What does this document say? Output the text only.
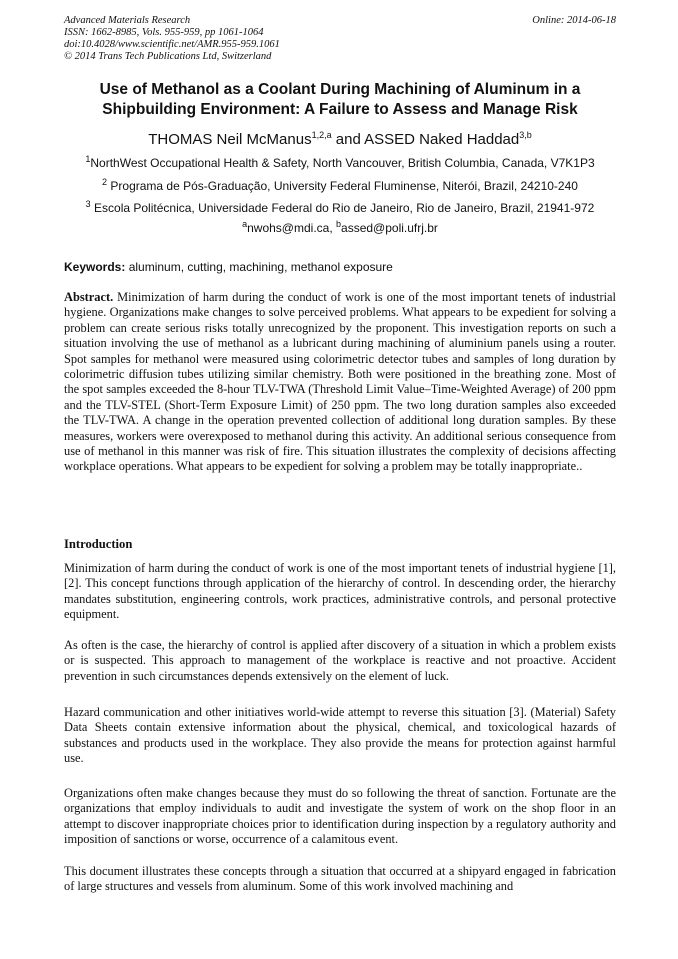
Advanced Materials Research
ISSN: 1662-8985, Vols. 955-959, pp 1061-1064
doi:10.4028/www.scientific.net/AMR.955-959.1061
© 2014 Trans Tech Publications Ltd, Switzerland
Online: 2014-06-18
Use of Methanol as a Coolant During Machining of Aluminum in a
Shipbuilding Environment: A Failure to Assess and Manage Risk
THOMAS Neil McManus$^{1,2,a}$ and ASSED Naked Haddad$^{3,b}$
$^1$NorthWest Occupational Health & Safety, North Vancouver, British Columbia, Canada, V7K1P3
$^2$ Programa de Pós-Graduação, University Federal Fluminense, Niterói, Brazil, 24210-240
$^3$ Escola Politécnica, Universidade Federal do Rio de Janeiro, Rio de Janeiro, Brazil, 21941-972
$^a$nwohs@mdi.ca, $^b$assed@poli.ufrj.br
Keywords: aluminum, cutting, machining, methanol exposure

Abstract. Minimization of harm during the conduct of work is one of the most important tenets of industrial hygiene. Organizations make changes to solve perceived problems. What appears to be expedient for solving a problem can create serious risks totally unrecognized by the proponent. This investigation reports on such a situation involving the use of methanol as a lubricant during machining of aluminium panels using a router. Spot samples for methanol were measured using colorimetric detector tubes and samples of long duration by colorimetric diffusion tubes utilizing similar chemistry. Both were positioned in the breathing zone. Most of the spot samples exceeded the 8-hour TLV-TWA (Threshold Limit Value–Time-Weighted Average) of 200 ppm and the TLV-STEL (Short-Term Exposure Limit) of 250 ppm. The two long duration samples also exceeded the TLV-TWA. A change in the operation prevented collection of additional long duration samples. By these measures, workers were overexposed to methanol during this activity. An additional serious consequence from use of methanol in this manner was risk of fire. This situation illustrates the complexity of decisions affecting workplace operations. What appears to be expedient for solving a problem may be totally inappropriate..

Introduction

Minimization of harm during the conduct of work is one of the most important tenets of industrial hygiene [1], [2]. This concept functions through application of the hierarchy of control. In descending order, the hierarchy mandates substitution, engineering controls, work practices, administrative controls, and personal protective equipment.

As often is the case, the hierarchy of control is applied after discovery of a situation in which a problem exists or is suspected. This approach to management of the workplace is reactive and not proactive. Accident prevention in such circumstances depends extensively on the element of luck.

Hazard communication and other initiatives world-wide attempt to reverse this situation [3]. (Material) Safety Data Sheets contain extensive information about the physical, chemical, and toxicological hazards of substances and products used in the workplace. They also provide the means for protection against harmful use.

Organizations often make changes because they must do so following the threat of sanction. Fortunate are the organizations that employ individuals to audit and investigate the system of work on the shop floor in an attempt to discover inappropriate choices prior to identification during inspection by a regulatory authority and imposition of sanctions or worse, occurrence of a calamitous event.

This document illustrates these concepts through a situation that occurred at a shipyard engaged in fabrication of large structures and vessels from aluminum. Some of this work involved machining and
